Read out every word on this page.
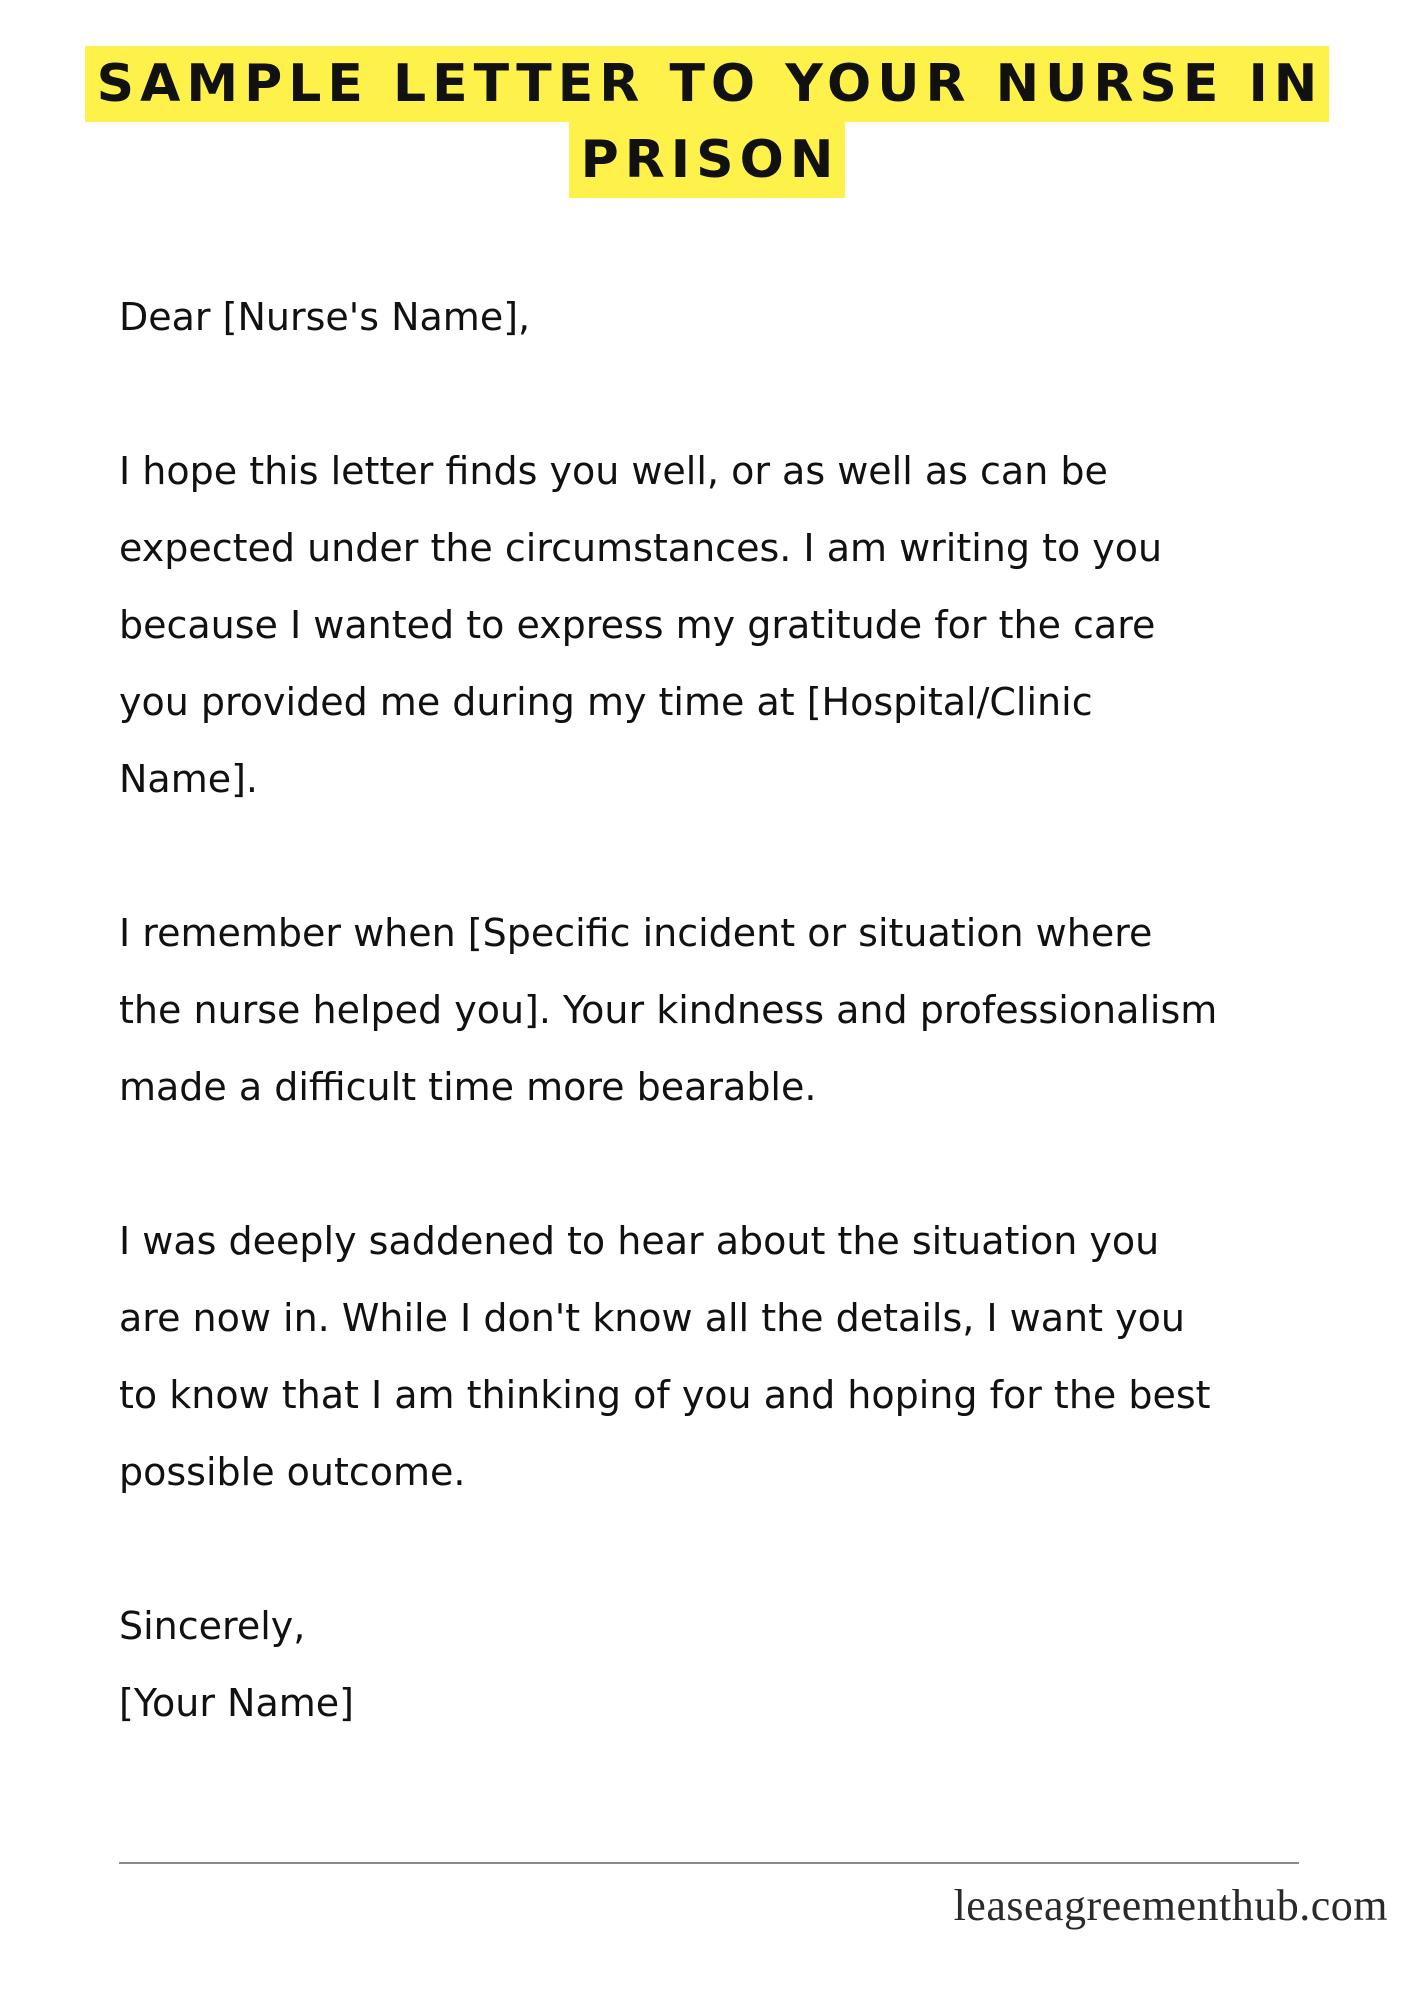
SAMPLE LETTER TO YOUR NURSE IN
PRISON

Dear [Nurse's Name],

I hope this letter finds you well, or as well as can be
expected under the circumstances. I am writing to you
because I wanted to express my gratitude for the care
you provided me during my time at [Hospital/Clinic
Name].

I remember when [Specific incident or situation where
the nurse helped you]. Your kindness and professionalism
made a difficult time more bearable.

I was deeply saddened to hear about the situation you
are now in. While I don't know all the details, I want you
to know that I am thinking of you and hoping for the best
possible outcome.

Sincerely,
[Your Name]

leaseagreementhub.com
